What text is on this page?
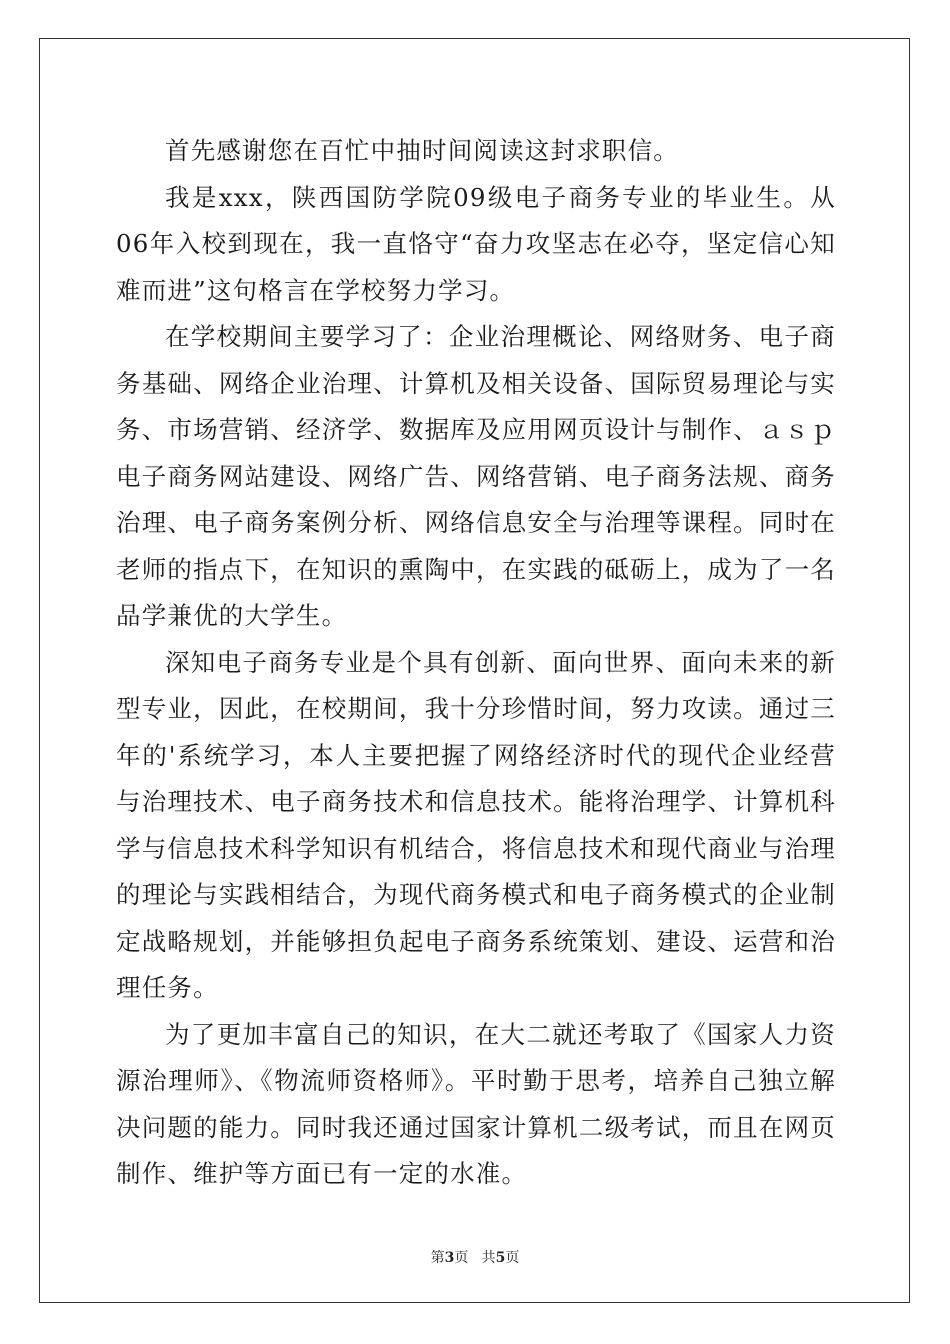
首先感谢您在百忙中抽时间阅读这封求职信。

我是xxx，陕西国防学院09级电子商务专业的毕业生。从06年入校到现在，我一直恪守“奋力攻坚志在必夺，坚定信心知难而进”这句格言在学校努力学习。

在学校期间主要学习了：企业治理概论、网络财务、电子商务基础、网络企业治理、计算机及相关设备、国际贸易理论与实务、市场营销、经济学、数据库及应用网页设计与制作、ａｓｐ电子商务网站建设、网络广告、网络营销、电子商务法规、商务治理、电子商务案例分析、网络信息安全与治理等课程。同时在老师的指点下，在知识的熏陶中，在实践的砥砺上，成为了一名品学兼优的大学生。

深知电子商务专业是个具有创新、面向世界、面向未来的新型专业，因此，在校期间，我十分珍惜时间，努力攻读。通过三年的'系统学习，本人主要把握了网络经济时代的现代企业经营与治理技术、电子商务技术和信息技术。能将治理学、计算机科学与信息技术科学知识有机结合，将信息技术和现代商业与治理的理论与实践相结合，为现代商务模式和电子商务模式的企业制定战略规划，并能够担负起电子商务系统策划、建设、运营和治理任务。

为了更加丰富自己的知识，在大二就还考取了《国家人力资源治理师》、《物流师资格师》。平时勤于思考，培养自己独立解决问题的能力。同时我还通过国家计算机二级考试，而且在网页制作、维护等方面已有一定的水准。

第3页 共5页
